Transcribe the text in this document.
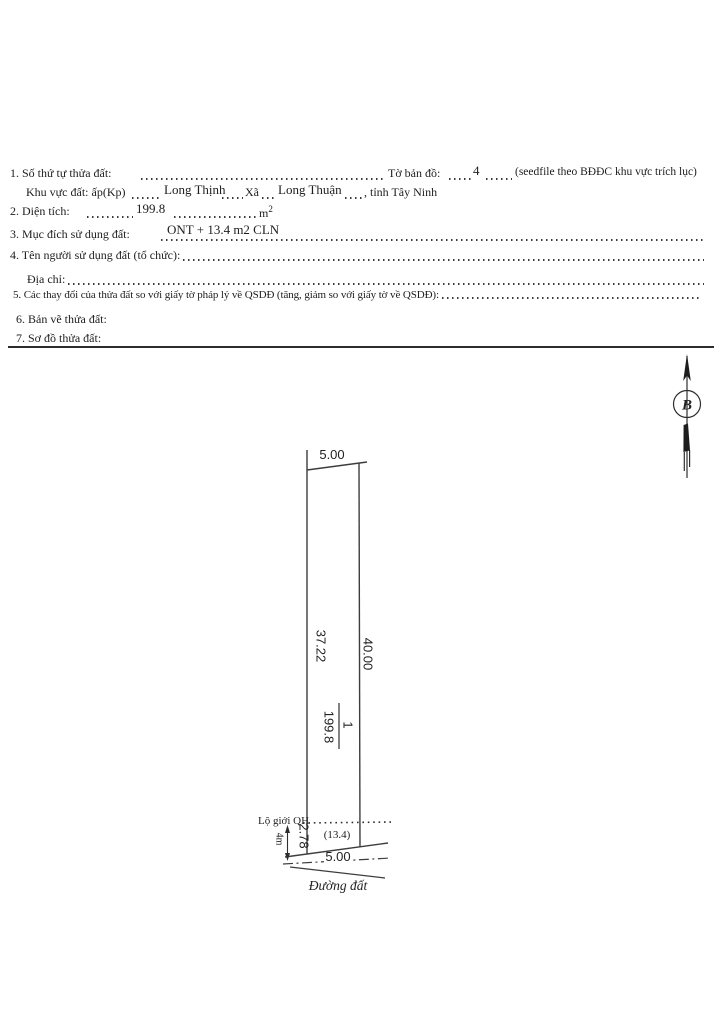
1. Số thứ tự thửa đất:	Tờ bản đồ:	4	(seedfile theo BĐĐC khu vực trích lục)
Khu vực đất: ấp(Kp)	Long Thịnh Xã Long Thuận , tỉnh Tây Ninh
2. Diện tích:	199.8	$m^2$
3. Mục đích sử dụng đất:	ONT + 13.4 m2 CLN
4. Tên người sử dụng đất (tổ chức):
Địa chỉ:
5. Các thay đổi của thửa đất so với giấy tờ pháp lý về QSDĐ (tăng, giảm so với giấy tờ về QSDĐ):
6. Bản vẽ thửa đất:
7. Sơ đồ thửa đất:
B
1
199.8
5.00
37.22 40.00
2.78
4m	(13.4)
5.00
Lộ giới QH
Đường đất
